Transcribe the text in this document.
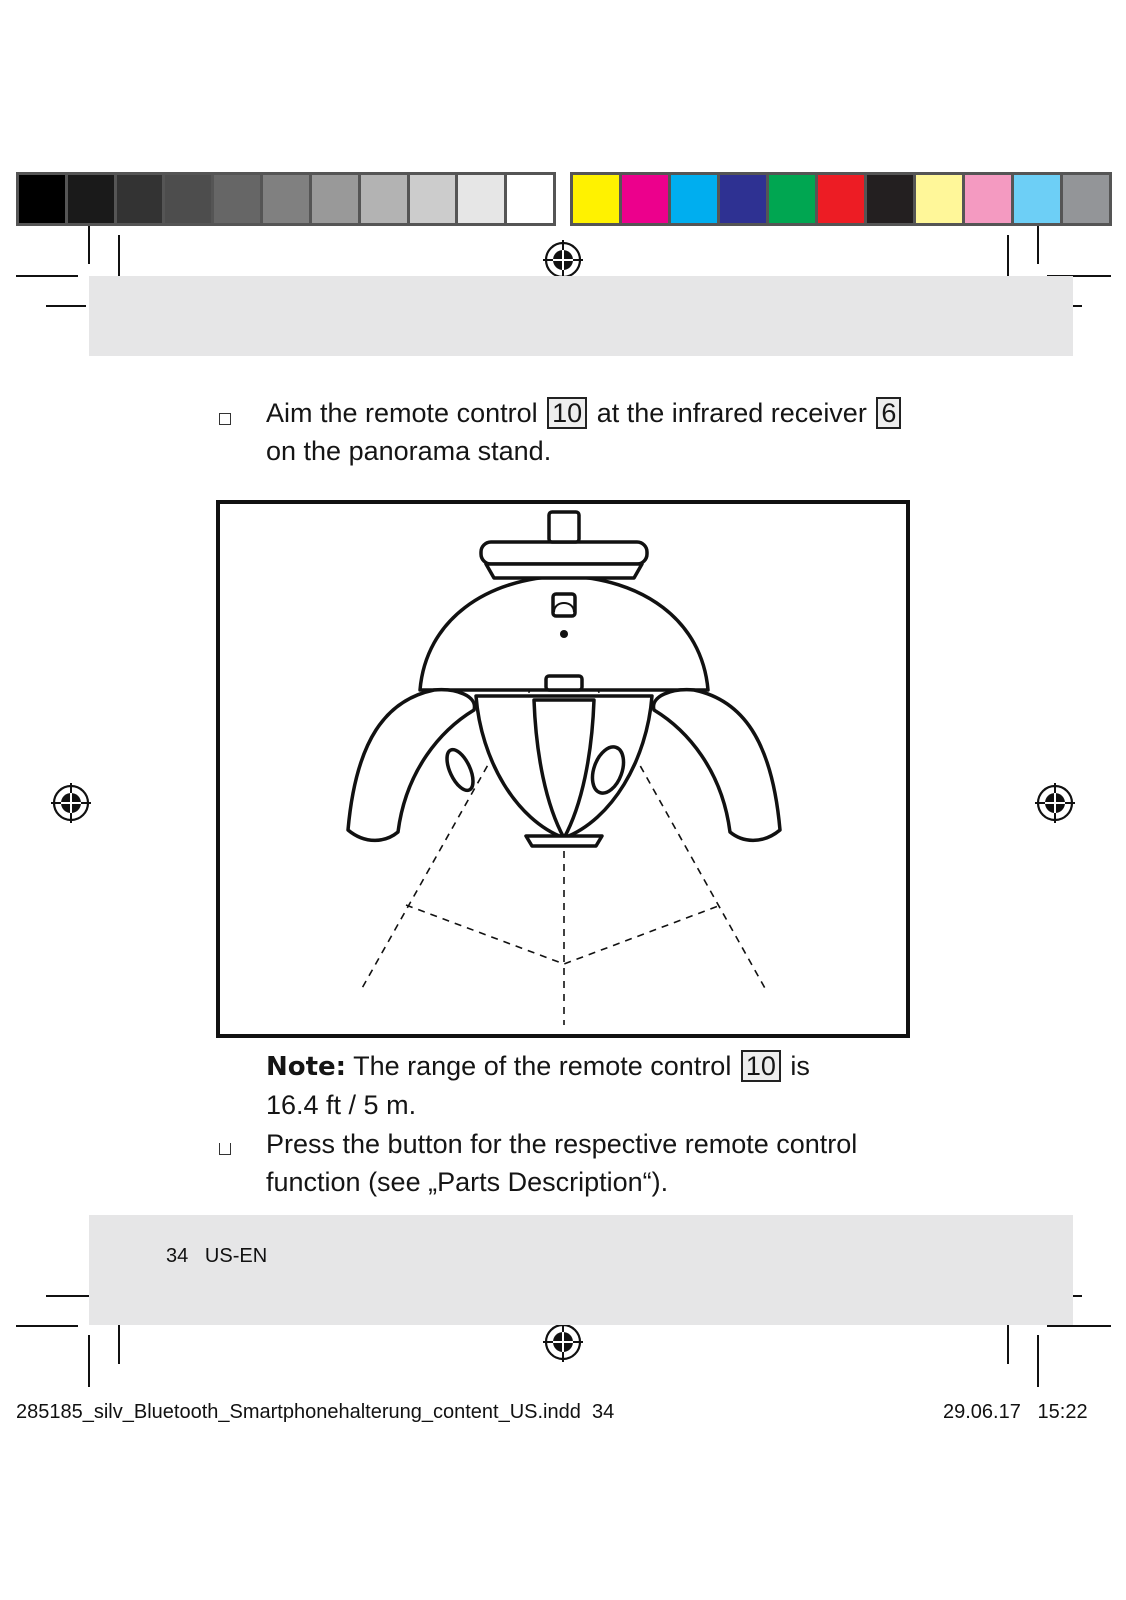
Aim the remote control 10 at the infrared receiver 6
on the panorama stand.
Note: The range of the remote control 10 is
16.4 ft / 5 m.
Press the button for the respective remote control
function (see „Parts Description“).
34 US-EN
285185_silv_Bluetooth_Smartphonehalterung_content_US.indd 34	29.06.17 15:22
